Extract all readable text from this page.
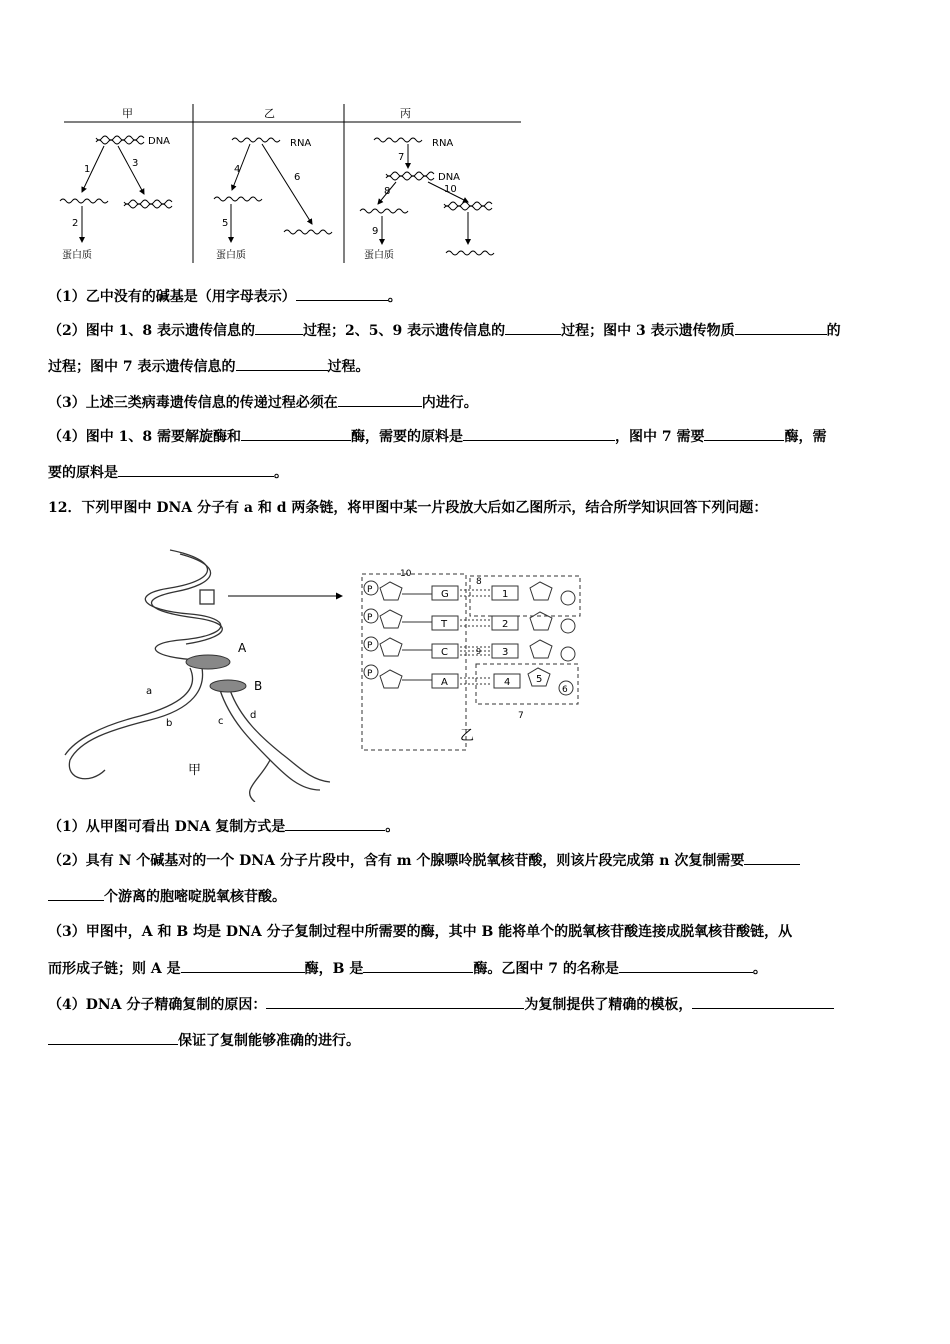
甲	乙	丙
DNA
1
3
2
蛋白质
RNA
4
6
5
蛋白质
RNA
7
DNA
8	10
9
蛋白质
（1）乙中没有的碱基是（用字母表示）	。
（2）图中 1、8 表示遗传信息的	过程；2、5、9 表示遗传信息的	过程；图中 3 表示遗传物质	的
过程；图中 7 表示遗传信息的	过程。
（3）上述三类病毒遗传信息的传递过程必须在	内进行。
（4）图中 1、8 需要解旋酶和	酶，需要的原料是	，图中 7 需要	酶，需
要的原料是	。
12．下列甲图中 DNA 分子有 a 和 d 两条链，将甲图中某一片段放大后如乙图所示，结合所学知识回答下列问题：
A
B
a
b	c
d
甲
10
8
7
P
P
P
P
G
T
C
A
1
2
9 3
4	5
6
乙
（1）从甲图可看出 DNA 复制方式是	。
（2）具有 N 个碱基对的一个 DNA 分子片段中，含有 m 个腺嘌呤脱氧核苷酸，则该片段完成第 n 次复制需要
个游离的胞嘧啶脱氧核苷酸。
（3）甲图中，A 和 B 均是 DNA 分子复制过程中所需要的酶，其中 B 能将单个的脱氧核苷酸连接成脱氧核苷酸链，从
而形成子链；则 A 是	酶，B 是	酶。乙图中 7 的名称是	。
（4）DNA 分子精确复制的原因：	为复制提供了精确的模板，
保证了复制能够准确的进行。
